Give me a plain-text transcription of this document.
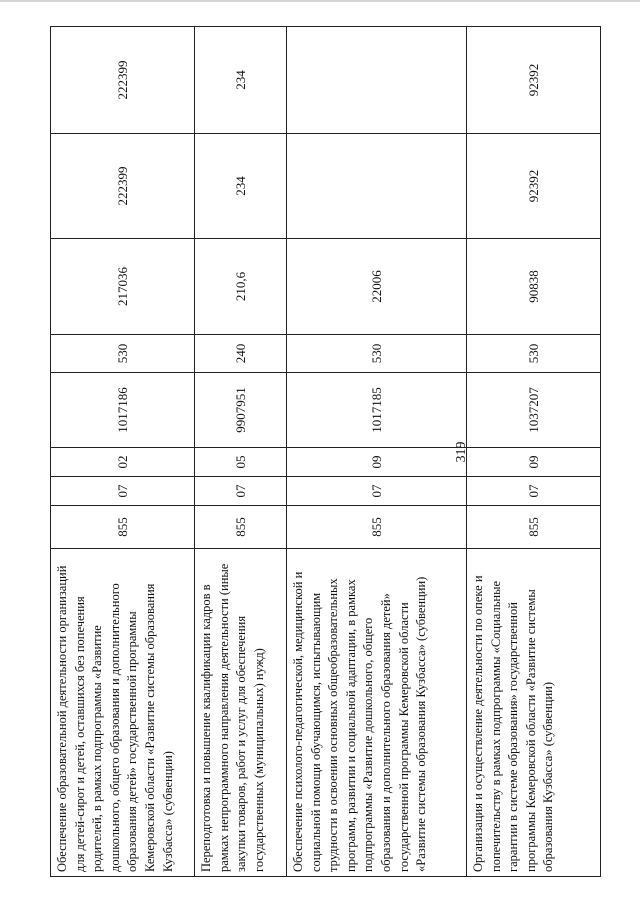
319
Обеспечение образовательной деятельности организаций для детей-сирот и детей, оставшихся без попечения родителей, в рамках подпрограммы «Развитие дошкольного, общего образования и дополнительного образования детей» государственной программы Кемеровской области «Развитие системы образования Кузбасса» (субвенции)	855	07	02	1017186	530	217036	222399	222399
Переподготовка и повышение квалификации кадров в рамках непрограммного направления деятельности (иные закупки товаров, работ и услуг для обеспечения государственных (муниципальных) нужд)	855	07	05	9907951	240	210,6	234	234
Обеспечение психолого-педагогической, медицинской и социальной помощи обучающимся, испытывающим трудности в освоении основных общеобразовательных программ, развитии и социальной адаптации, в рамках подпрограммы «Развитие дошкольного, общего образования и дополнительного образования детей» государственной программы Кемеровской области «Развитие системы образования Кузбасса» (субвенции)	855	07	09	1017185	530	22006		
Организация и осуществление деятельности по опеке и попечительству в рамках подпрограммы «Социальные гарантии в системе образования» государственной программы Кемеровской области «Развитие системы образования Кузбасса» (субвенции)	855	07	09	1037207	530	90838	92392	92392
